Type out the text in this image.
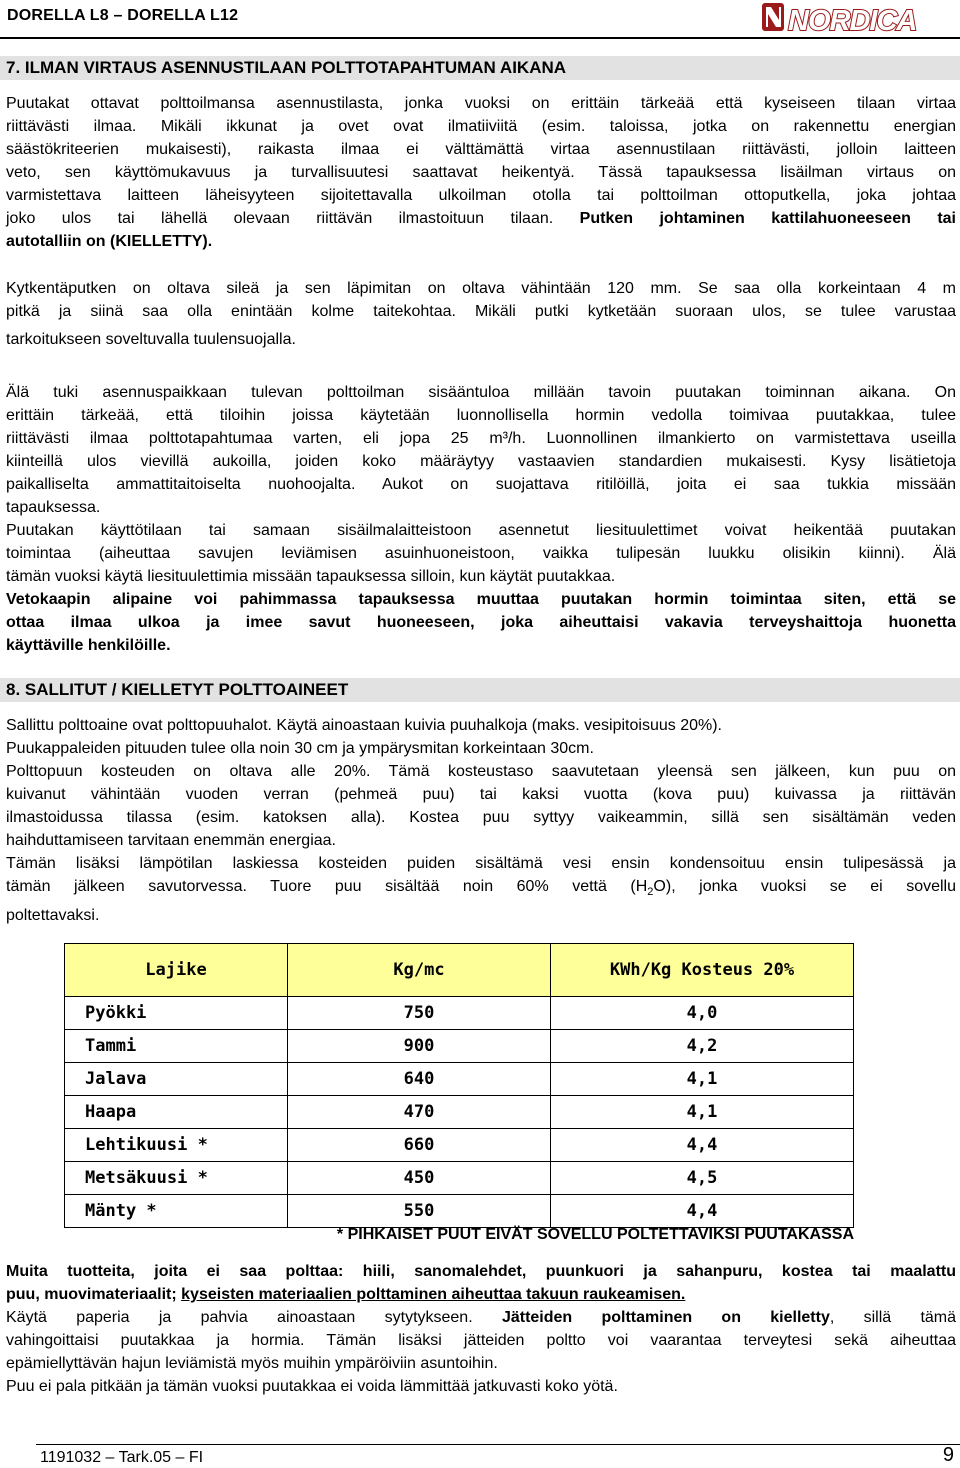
DORELLA L8 – DORELLA L12	NORDICA
7. ILMAN VIRTAUS ASENNUSTILAAN POLTTOTAPAHTUMAN AIKANA
Puutakat ottavat polttoilmansa asennustilasta, jonka vuoksi on erittäin tärkeää että kyseiseen tilaan virtaa
riittävästi ilmaa. Mikäli ikkunat ja ovet ovat ilmatiiviitä (esim. taloissa, jotka on rakennettu energian
säästökriteerien mukaisesti), raikasta ilmaa ei välttämättä virtaa asennustilaan riittävästi, jolloin laitteen
veto, sen käyttömukavuus ja turvallisuutesi saattavat heikentyä. Tässä tapauksessa lisäilman virtaus on
varmistettava laitteen läheisyyteen sijoitettavalla ulkoilman otolla tai polttoilman ottoputkella, joka johtaa
joko ulos tai lähellä olevaan riittävän ilmastoituun tilaan. Putken johtaminen kattilahuoneeseen tai
autotalliin on (KIELLETTY).
Kytkentäputken on oltava sileä ja sen läpimitan on oltava vähintään 120 mm. Se saa olla korkeintaan 4 m
pitkä ja siinä saa olla enintään kolme taitekohtaa. Mikäli putki kytketään suoraan ulos, se tulee varustaa
tarkoitukseen soveltuvalla tuulensuojalla.
Älä tuki asennuspaikkaan tulevan polttoilman sisääntuloa millään tavoin puutakan toiminnan aikana. On
erittäin tärkeää, että tiloihin joissa käytetään luonnollisella hormin vedolla toimivaa puutakkaa, tulee
riittävästi ilmaa polttotapahtumaa varten, eli jopa 25 m³/h. Luonnollinen ilmankierto on varmistettava useilla
kiinteillä ulos vievillä aukoilla, joiden koko määräytyy vastaavien standardien mukaisesti. Kysy lisätietoja
paikalliselta ammattitaitoiselta nuohoojalta. Aukot on suojattava ritilöillä, joita ei saa tukkia missään
tapauksessa.
Puutakan käyttötilaan tai samaan sisäilmalaitteistoon asennetut liesituulettimet voivat heikentää puutakan
toimintaa (aiheuttaa savujen leviämisen asuinhuoneistoon, vaikka tulipesän luukku olisikin kiinni). Älä
tämän vuoksi käytä liesituulettimia missään tapauksessa silloin, kun käytät puutakkaa.
Vetokaapin alipaine voi pahimmassa tapauksessa muuttaa puutakan hormin toimintaa siten, että se
ottaa ilmaa ulkoa ja imee savut huoneeseen, joka aiheuttaisi vakavia terveyshaittoja huonetta
käyttäville henkilöille.
8. SALLITUT / KIELLETYT POLTTOAINEET
Sallittu polttoaine ovat polttopuuhalot. Käytä ainoastaan kuivia puuhalkoja (maks. vesipitoisuus 20%).
Puukappaleiden pituuden tulee olla noin 30 cm ja ympärysmitan korkeintaan 30cm.
Polttopuun kosteuden on oltava alle 20%. Tämä kosteustaso saavutetaan yleensä sen jälkeen, kun puu on
kuivanut vähintään vuoden verran (pehmeä puu) tai kaksi vuotta (kova puu) kuivassa ja riittävän
ilmastoidussa tilassa (esim. katoksen alla). Kostea puu syttyy vaikeammin, sillä sen sisältämän veden
haihduttamiseen tarvitaan enemmän energiaa.
Tämän lisäksi lämpötilan laskiessa kosteiden puiden sisältämä vesi ensin kondensoituu ensin tulipesässä ja
tämän jälkeen savutorvessa. Tuore puu sisältää noin 60% vettä $(H_2O)$, jonka vuoksi se ei sovellu
poltettavaksi.
Lajike	Kg/mc	KWh/Kg Kosteus 20%
Pyökki	750	4,0
Tammi	900	4,2
Jalava	640	4,1
Haapa	470	4,1
Lehtikuusi *	660	4,4
Metsäkuusi *	450	4,5
Mänty *	550	4,4
* PIHKAISET PUUT EIVÄT SOVELLU POLTETTAVIKSI PUUTAKASSA
Muita tuotteita, joita ei saa polttaa: hiili, sanomalehdet, puunkuori ja sahanpuru, kostea tai maalattu
puu, muovimateriaalit; kyseisten materiaalien polttaminen aiheuttaa takuun raukeamisen.
Käytä paperia ja pahvia ainoastaan sytytykseen. Jätteiden polttaminen on kielletty, sillä tämä
vahingoittaisi puutakkaa ja hormia. Tämän lisäksi jätteiden poltto voi vaarantaa terveytesi sekä aiheuttaa
epämiellyttävän hajun leviämistä myös muihin ympäröiviin asuntoihin.
Puu ei pala pitkään ja tämän vuoksi puutakkaa ei voida lämmittää jatkuvasti koko yötä.
1191032 – Tark.05 – FI	9
